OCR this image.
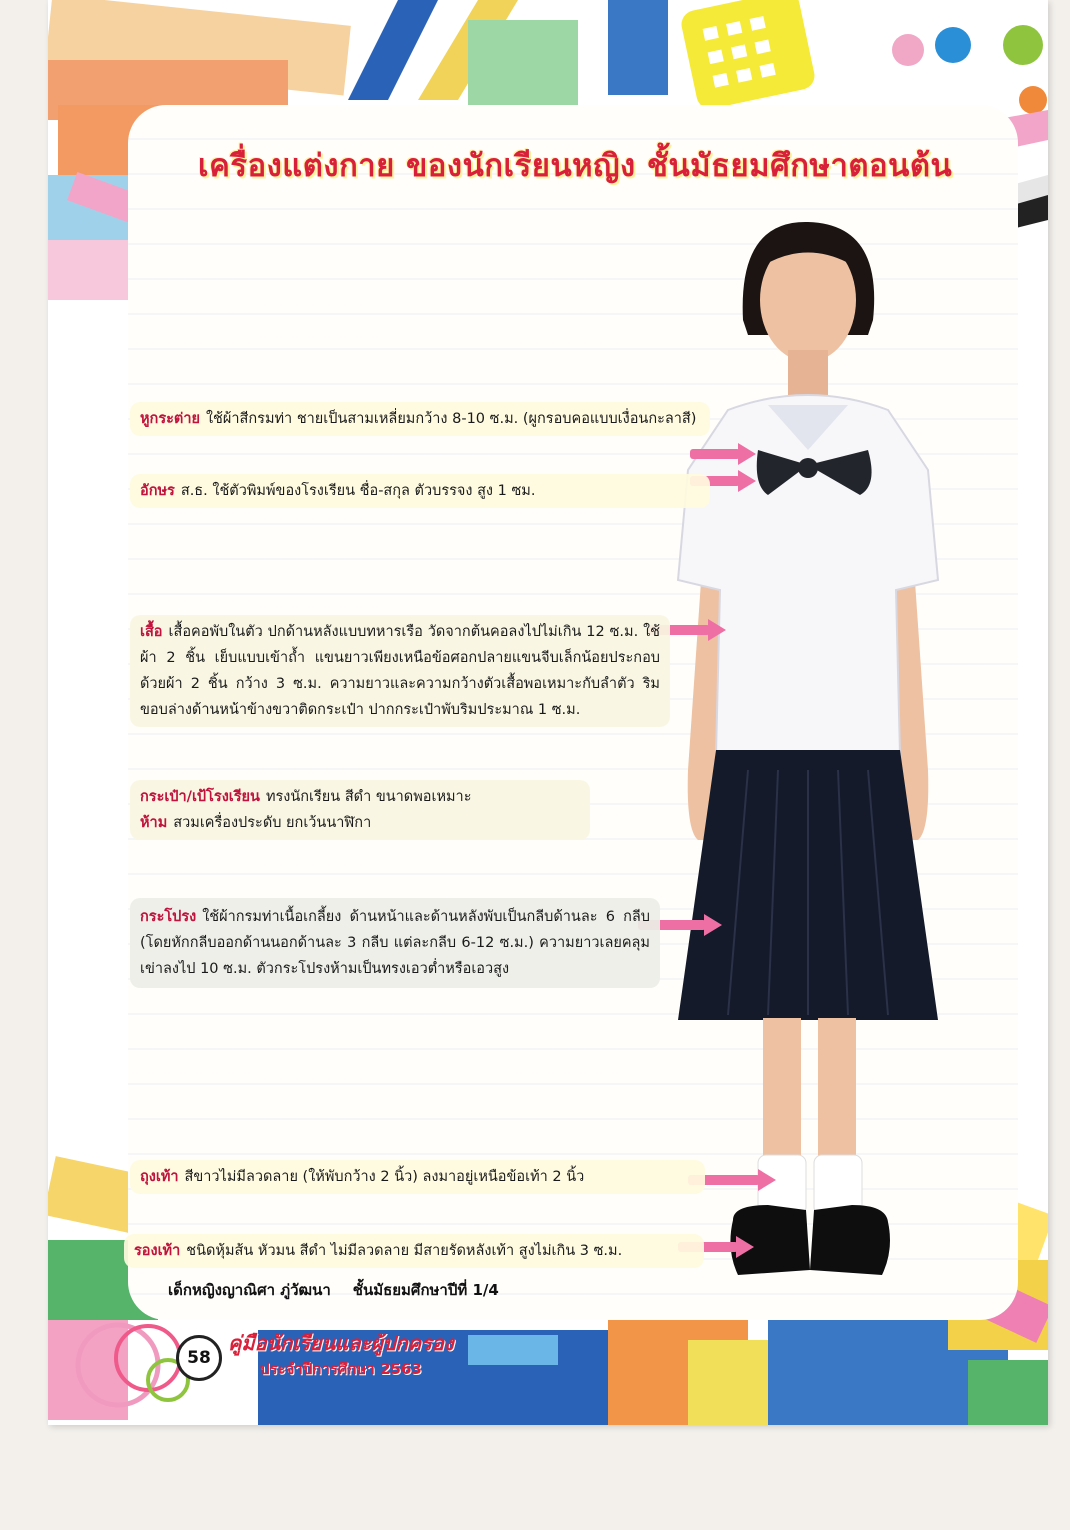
เครื่องแต่งกาย ของนักเรียนหญิง ชั้นมัธยมศึกษาตอนต้น

หูกระต่าย ใช้ผ้าสีกรมท่า ชายเป็นสามเหลี่ยมกว้าง 8-10 ซ.ม. (ผูกรอบคอแบบเงื่อนกะลาสี)

อักษร ส.ธ. ใช้ตัวพิมพ์ของโรงเรียน ชื่อ-สกุล ตัวบรรจง สูง 1 ซม.

เสื้อ เสื้อคอพับในตัว ปกด้านหลังแบบทหารเรือ วัดจากต้นคอลงไปไม่เกิน 12 ซ.ม. ใช้ผ้า 2 ชิ้น เย็บแบบเข้าถ้ำ แขนยาวเพียงเหนือข้อศอกปลายแขนจีบเล็กน้อยประกอบด้วยผ้า 2 ชิ้น กว้าง 3 ซ.ม. ความยาวและความกว้างตัวเสื้อพอเหมาะกับลำตัว ริมขอบล่างด้านหน้าข้างขวาติดกระเป๋า ปากกระเป๋าพับริมประมาณ 1 ซ.ม.

กระเป๋า/เป้โรงเรียน ทรงนักเรียน สีดำ ขนาดพอเหมาะ

ห้าม สวมเครื่องประดับ ยกเว้นนาฬิกา

กระโปรง ใช้ผ้ากรมท่าเนื้อเกลี้ยง ด้านหน้าและด้านหลังพับเป็นกลีบด้านละ 6 กลีบ (โดยหักกลีบออกด้านนอกด้านละ 3 กลีบ แต่ละกลีบ 6-12 ซ.ม.) ความยาวเลยคลุมเข่าลงไป 10 ซ.ม. ตัวกระโปรงห้ามเป็นทรงเอวต่ำหรือเอวสูง

ถุงเท้า สีขาวไม่มีลวดลาย (ให้พับกว้าง 2 นิ้ว) ลงมาอยู่เหนือข้อเท้า 2 นิ้ว

รองเท้า ชนิดหุ้มส้น หัวมน สีดำ ไม่มีลวดลาย มีสายรัดหลังเท้า สูงไม่เกิน 3 ซ.ม.

เด็กหญิงญาณิศา ภู่วัฒนา ชั้นมัธยมศึกษาปีที่ 1/4
58
คู่มือนักเรียนและผู้ปกครอง
ประจำปีการศึกษา 2563
